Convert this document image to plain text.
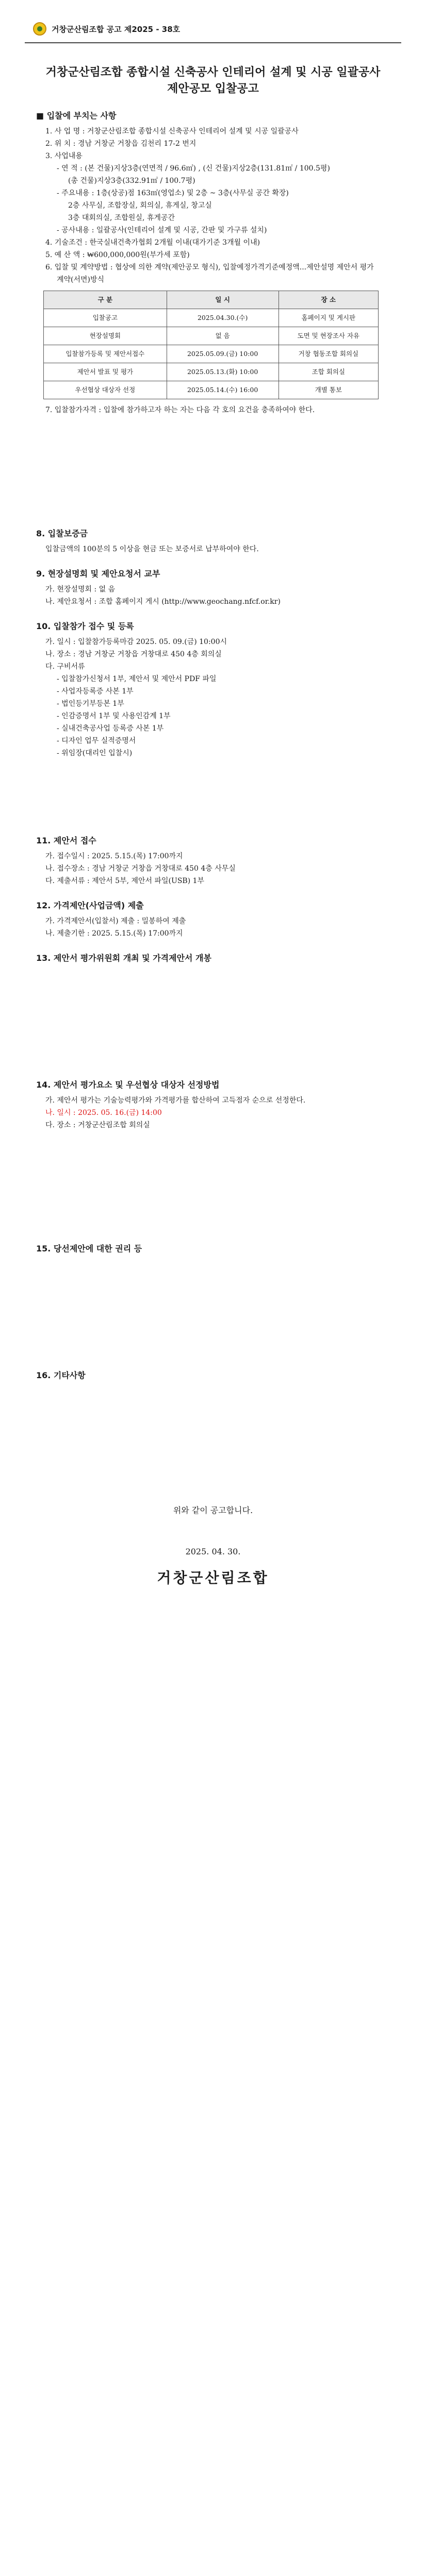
거창군산림조합 공고 제2025 - 38호
거창군산림조합 종합시설 신축공사 인테리어 설계 및 시공 일괄공사 제안공모 입찰공고
■ 입찰에 부치는 사항
1. 사 업 명 : 거창군산림조합 종합시설 신축공사 인테리어 설계 및 시공 일괄공사
2. 위 치 : 경남 거창군 거창읍 김천리 17-2 번지
3. 사업내용
- 연 적 : (본 건물)지상3층(연면적 / 96.6㎡) , (신 건물)지상2층(131.81㎡ / 100.5평)
(총 건물)지상3층(332.91㎡ / 100.7평)
- 주요내용 : 1층(상공)점 163㎡(영업소) 및 2층 ~ 3층(사무실 공간 확장)
2층 사무실, 조합장실, 회의실, 휴게실, 창고실
3층 대회의실, 조합원실, 휴게공간
- 공사내용 : 일괄공사(인테리어 설계 및 시공, 간판 및 가구류 설치)
4. 기술조건 : 한국실내건축가협회 2개월 이내(대가기준 3개월 이내)
5. 예 산 액 : ₩600,000,000원(부가세 포함)
6. 입찰 및 계약방법 : 협상에 의한 계약(제안공모 형식), 입찰예정가격기준예정액...제안설명 제안서 평가
계약(서면)방식
구 분	일 시	장 소
입찰공고	2025.04.30.(수)	홈페이지 및 게시판
현장설명회	없 음	도면 및 현장조사 자유
입찰참가등록 및 제안서접수	2025.05.09.(금) 10:00	거창 협동조합 회의실
제안서 발표 및 평가	2025.05.13.(화) 10:00	조합 회의실
우선협상 대상자 선정	2025.05.14.(수) 16:00	개별 통보
7. 입찰참가자격 : 입찰에 참가하고자 하는 자는 다음 각 호의 요건을 충족하여야 한다.
8. 입찰보증금
입찰금액의 100분의 5 이상을 현금 또는 보증서로 납부하여야 한다.
9. 현장설명회 및 제안요청서 교부
가. 현장설명회 : 없 음
나. 제안요청서 : 조합 홈페이지 게시 (http://www.geochang.nfcf.or.kr)
10. 입찰참가 접수 및 등록
가. 일시 : 입찰참가등록마감 2025. 05. 09.(금) 10:00시
나. 장소 : 경남 거창군 거창읍 거창대로 450 4층 회의실
다. 구비서류
- 입찰참가신청서 1부, 제안서 및 제안서 PDF 파일
- 사업자등록증 사본 1부
- 법인등기부등본 1부
- 인감증명서 1부 및 사용인감계 1부
- 실내건축공사업 등록증 사본 1부
- 디자인 업무 실적증명서
- 위임장(대리인 입찰시)
11. 제안서 접수
가. 접수일시 : 2025. 5.15.(목) 17:00까지
나. 접수장소 : 경남 거창군 거창읍 거창대로 450 4층 사무실
다. 제출서류 : 제안서 5부, 제안서 파일(USB) 1부
12. 가격제안(사업금액) 제출
가. 가격제안서(입찰서) 제출 : 밀봉하여 제출
나. 제출기한 : 2025. 5.15.(목) 17:00까지
13. 제안서 평가위원회 개최 및 가격제안서 개봉
14. 제안서 평가요소 및 우선협상 대상자 선정방법
가. 제안서 평가는 기술능력평가와 가격평가를 합산하여 고득점자 순으로 선정한다.
나. 일시 : 2025. 05. 16.(금) 14:00
다. 장소 : 거창군산림조합 회의실
15. 당선제안에 대한 권리 등
16. 기타사항
위와 같이 공고합니다.
2025. 04. 30.
거창군산림조합
